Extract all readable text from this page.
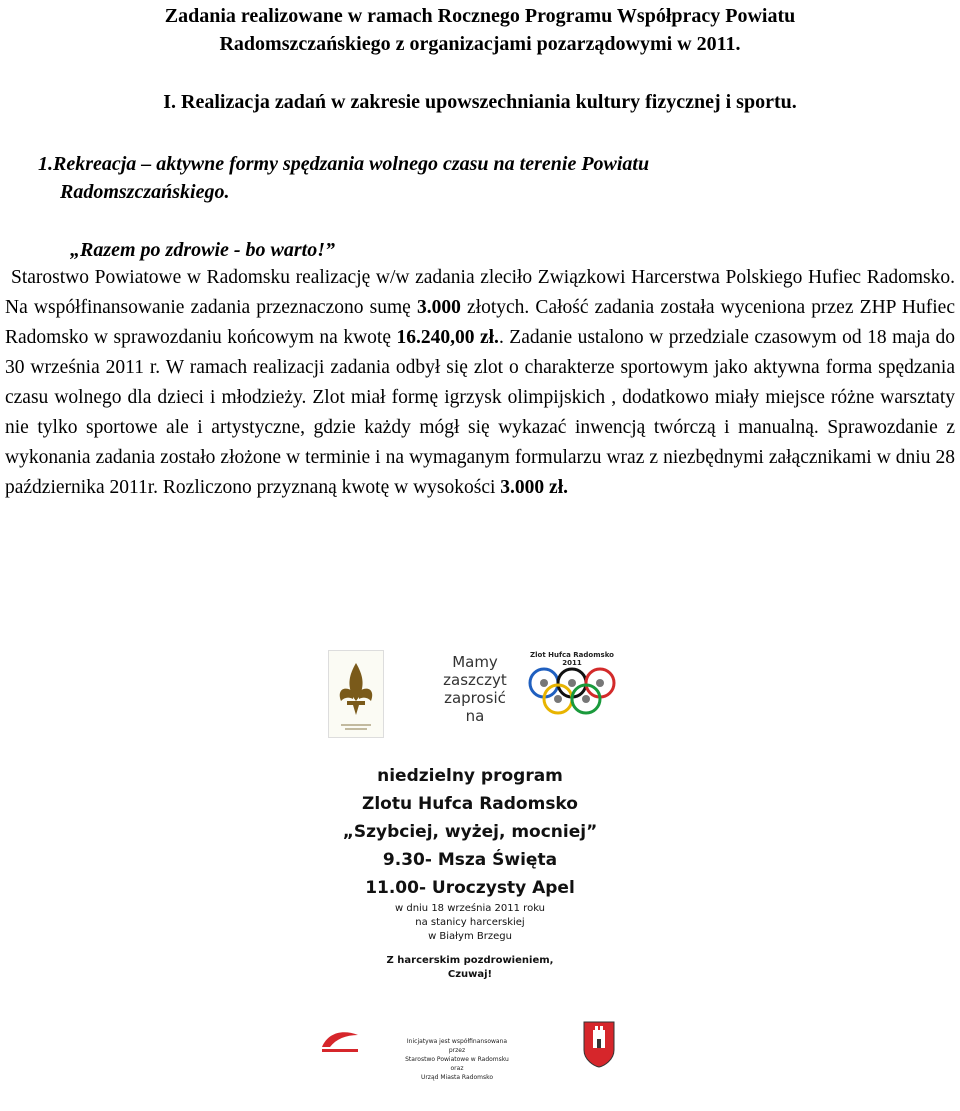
Zadania realizowane w ramach Rocznego Programu Współpracy Powiatu
Radomszczańskiego z organizacjami pozarządowymi w 2011.
I. Realizacja zadań w zakresie upowszechniania kultury fizycznej i sportu.
1.Rekreacja – aktywne formy spędzania wolnego czasu na terenie Powiatu
Radomszczańskiego.

„Razem po zdrowie - bo warto!”

Starostwo Powiatowe w Radomsku realizację w/w zadania zleciło Związkowi Harcerstwa Polskiego Hufiec Radomsko. Na współfinansowanie zadania przeznaczono sumę 3.000 złotych. Całość zadania została wyceniona przez ZHP Hufiec Radomsko w sprawozdaniu końcowym na kwotę 16.240,00 zł.. Zadanie ustalono w przedziale czasowym od 18 maja do 30 września 2011 r. W ramach realizacji zadania odbył się zlot o charakterze sportowym jako aktywna forma spędzania czasu wolnego dla dzieci i młodzieży. Zlot miał formę igrzysk olimpijskich , dodatkowo miały miejsce różne warsztaty nie tylko sportowe ale i artystyczne, gdzie każdy mógł się wykazać inwencją twórczą i manualną. Sprawozdanie z wykonania zadania zostało złożone w terminie i na wymaganym formularzu wraz z niezbędnymi załącznikami w dniu 28 października 2011r. Rozliczono przyznaną kwotę w wysokości 3.000 zł.

Mamy
zaszczyt
zaprosić
na
Zlot Hufca Radomsko 2011
niedzielny program
Zlotu Hufca Radomsko
„Szybciej, wyżej, mocniej”
9.30- Msza Święta
11.00- Uroczysty Apel
w dniu 18 września 2011 roku
na stanicy harcerskiej
w Białym Brzegu
Z harcerskim pozdrowieniem,
Czuwaj!
Inicjatywa jest współfinansowana
przez
Starostwo Powiatowe w Radomsku
oraz
Urząd Miasta Radomsko
